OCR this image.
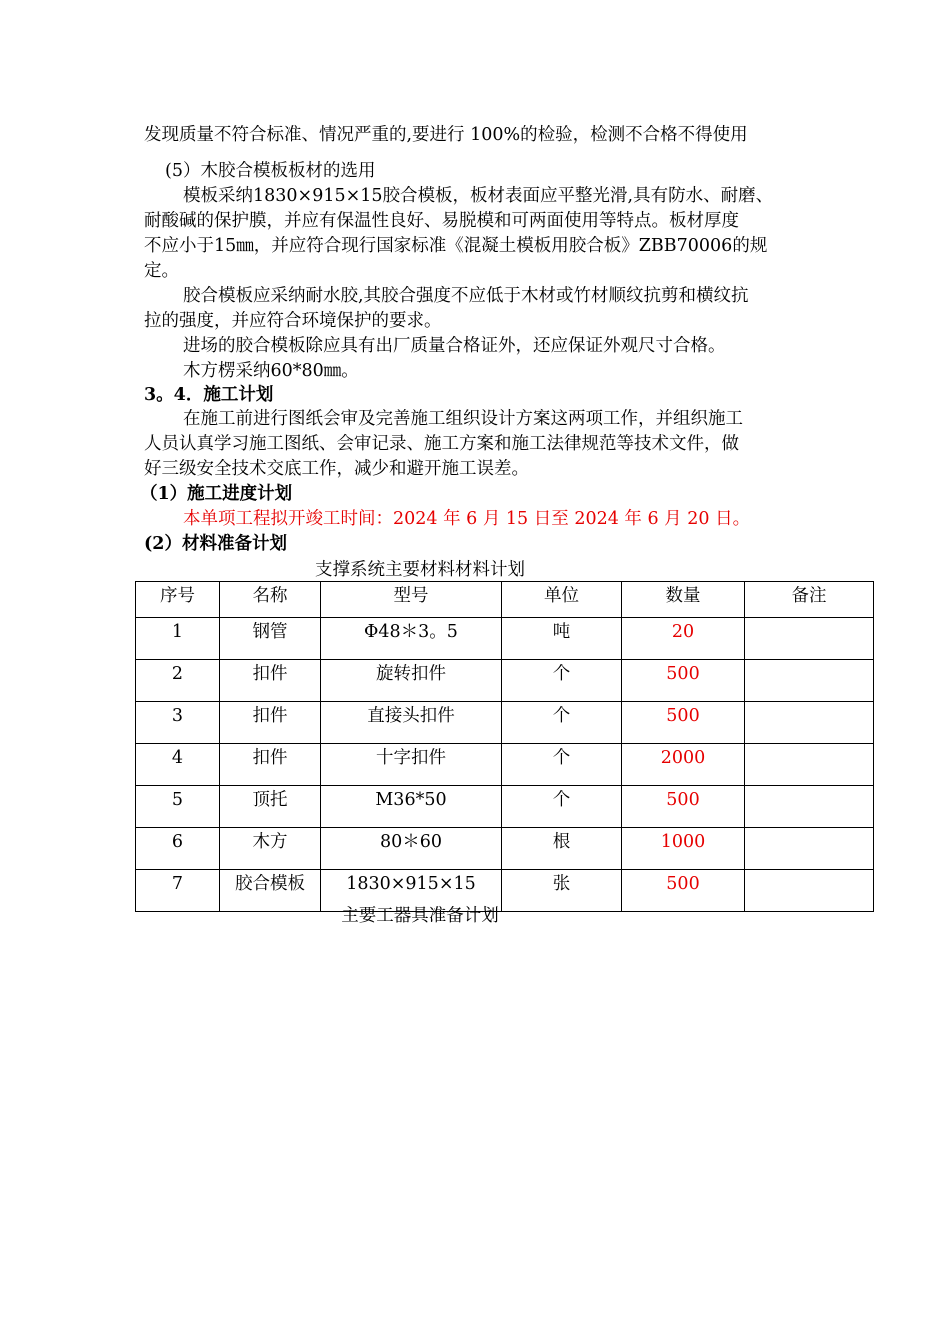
发现质量不符合标准、情况严重的,要进行 100%的检验，检测不合格不得使用
(5）木胶合模板板材的选用
模板采纳1830×915×15胶合模板，板材表面应平整光滑,具有防水、耐磨、
耐酸碱的保护膜，并应有保温性良好、易脱模和可两面使用等特点。板材厚度
不应小于15㎜，并应符合现行国家标准《混凝土模板用胶合板》ZBB70006的规
定。
胶合模板应采纳耐水胶,其胶合强度不应低于木材或竹材顺纹抗剪和横纹抗
拉的强度，并应符合环境保护的要求。
进场的胶合模板除应具有出厂质量合格证外，还应保证外观尺寸合格。
木方楞采纳60*80㎜。
3。4．施工计划
在施工前进行图纸会审及完善施工组织设计方案这两项工作，并组织施工
人员认真学习施工图纸、会审记录、施工方案和施工法律规范等技术文件，做
好三级安全技术交底工作，减少和避开施工误差。
（1）施工进度计划
本单项工程拟开竣工时间：2024 年 6 月 15 日至 2024 年 6 月 20 日。
(2）材料准备计划
支撑系统主要材料材料计划
序号	名称	型号	单位	数量	备注
1	钢管	Φ48＊3。5	吨	20	
2	扣件	旋转扣件	个	500	
3	扣件	直接头扣件	个	500	
4	扣件	十字扣件	个	2000	
5	顶托	M36*50	个	500	
6	木方	80＊60	根	1000	
7	胶合模板	1830×915×15	张	500	
主要工器具准备计划
